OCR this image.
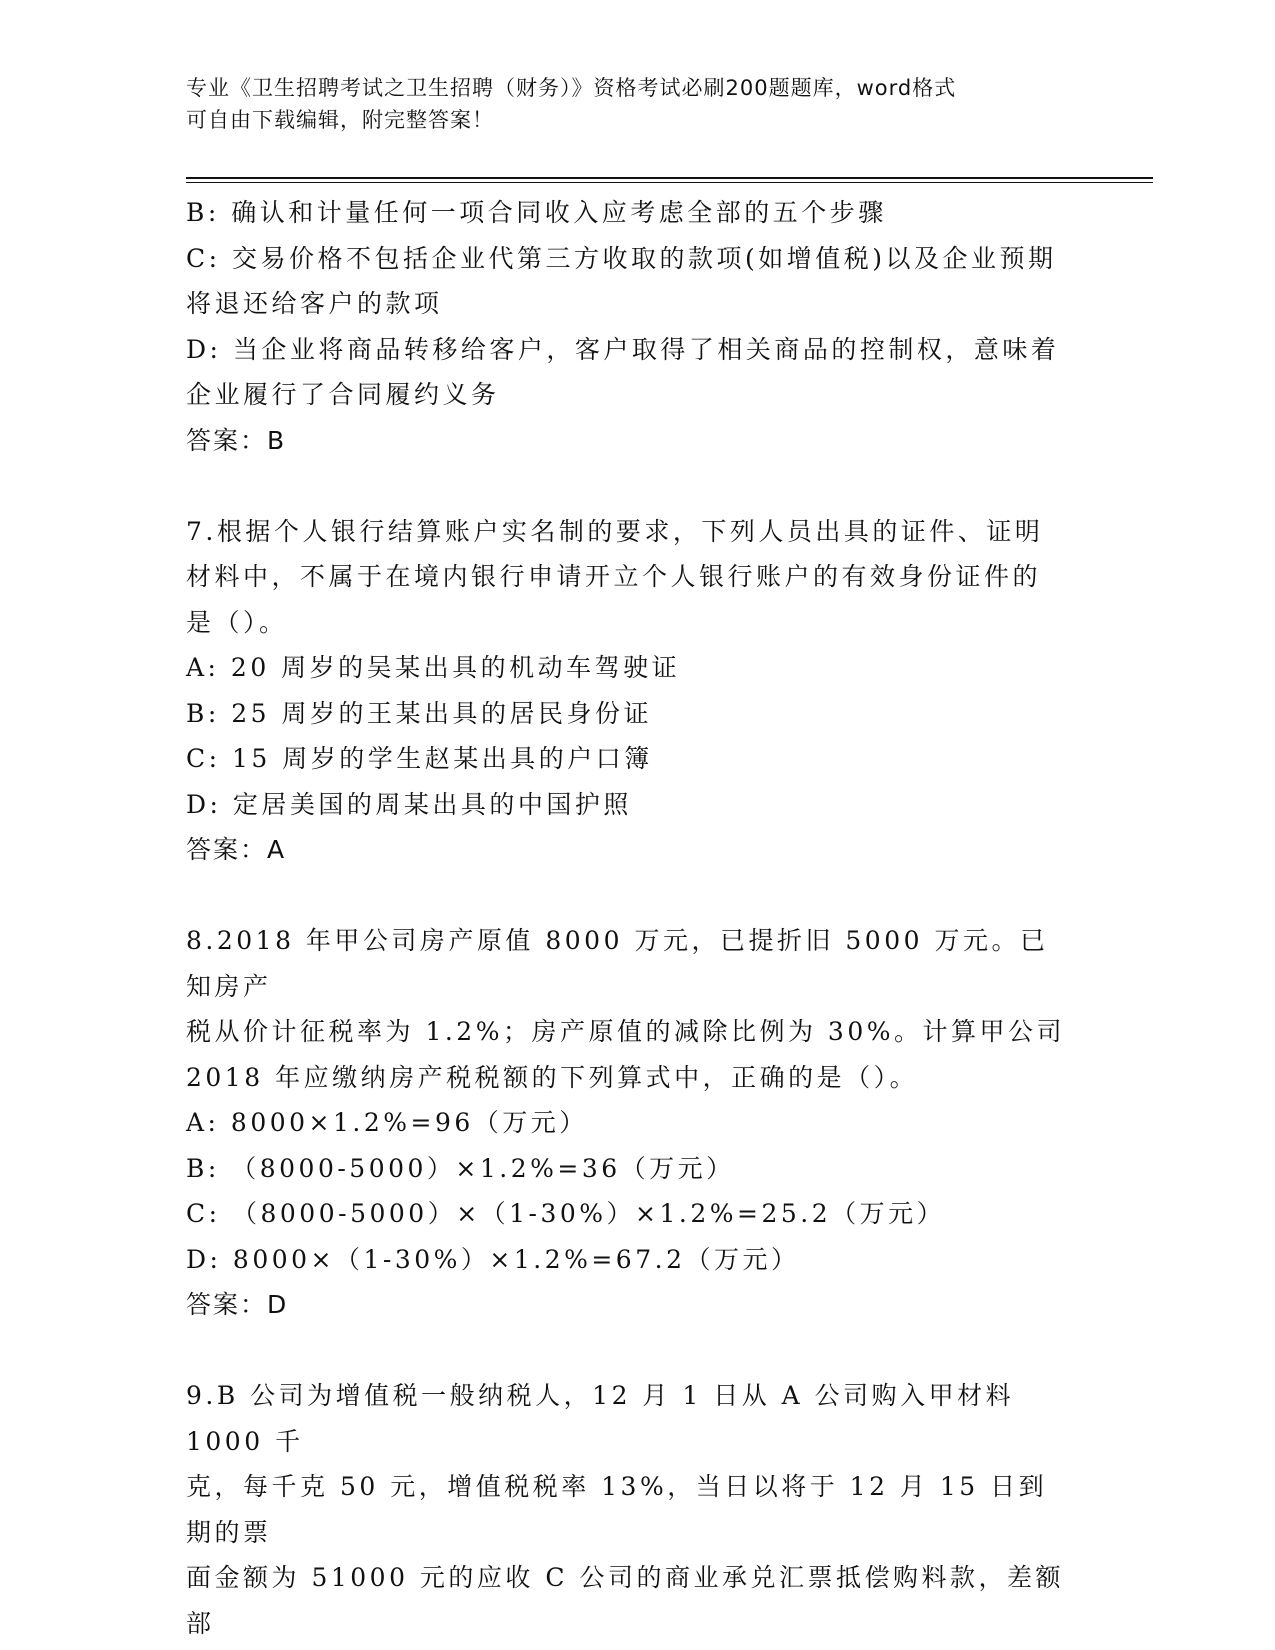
专业《卫生招聘考试之卫生招聘（财务）》资格考试必刷200题题库，word格式
可自由下载编辑，附完整答案！
B: 确认和计量任何一项合同收入应考虑全部的五个步骤
C: 交易价格不包括企业代第三方收取的款项(如增值税)以及企业预期
将退还给客户的款项
D: 当企业将商品转移给客户，客户取得了相关商品的控制权，意味着
企业履行了合同履约义务
答案：B
7.根据个人银行结算账户实名制的要求，下列人员出具的证件、证明
材料中，不属于在境内银行申请开立个人银行账户的有效身份证件的
是（）。
A: 20 周岁的吴某出具的机动车驾驶证
B: 25 周岁的王某出具的居民身份证
C: 15 周岁的学生赵某出具的户口簿
D: 定居美国的周某出具的中国护照
答案：A
8.2018 年甲公司房产原值 8000 万元，已提折旧 5000 万元。已知房产
税从价计征税率为 1.2%；房产原值的减除比例为 30%。计算甲公司
2018 年应缴纳房产税税额的下列算式中，正确的是（）。
A: 8000×1.2%=96（万元）
B: （8000-5000）×1.2%=36（万元）
C: （8000-5000）×（1-30%）×1.2%=25.2（万元）
D: 8000×（1-30%）×1.2%=67.2（万元）
答案：D
9.B 公司为增值税一般纳税人，12 月 1 日从 A 公司购入甲材料 1000 千
克，每千克 50 元，增值税税率 13%，当日以将于 12 月 15 日到期的票
面金额为 51000 元的应收 C 公司的商业承兑汇票抵偿购料款，差额部
